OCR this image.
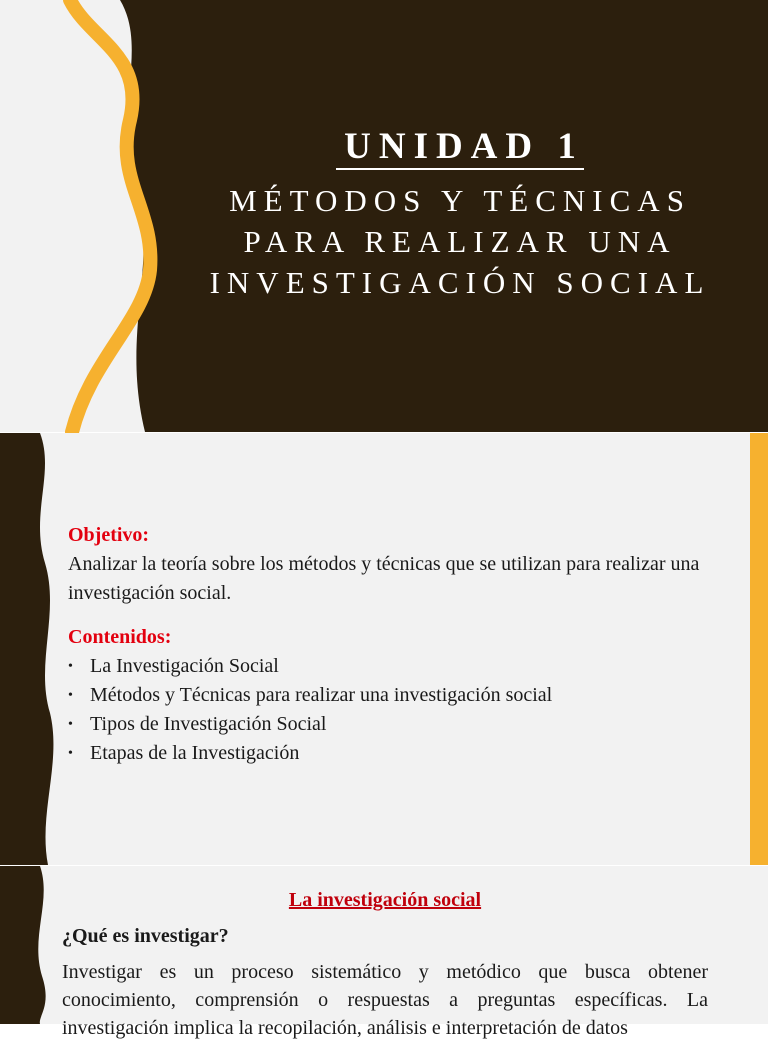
UNIDAD 1
MÉTODOS Y TÉCNICAS
PARA REALIZAR UNA
INVESTIGACIÓN SOCIAL
Objetivo:
Analizar la teoría sobre los métodos y técnicas que se utilizan para realizar una investigación social.
Contenidos:
• La Investigación Social
• Métodos y Técnicas para realizar una investigación social
• Tipos de Investigación Social
• Etapas de la Investigación
La investigación social
¿Qué es investigar?
Investigar es un proceso sistemático y metódico que busca obtener conocimiento, comprensión o respuestas a preguntas específicas. La investigación implica la recopilación, análisis e interpretación de datos
